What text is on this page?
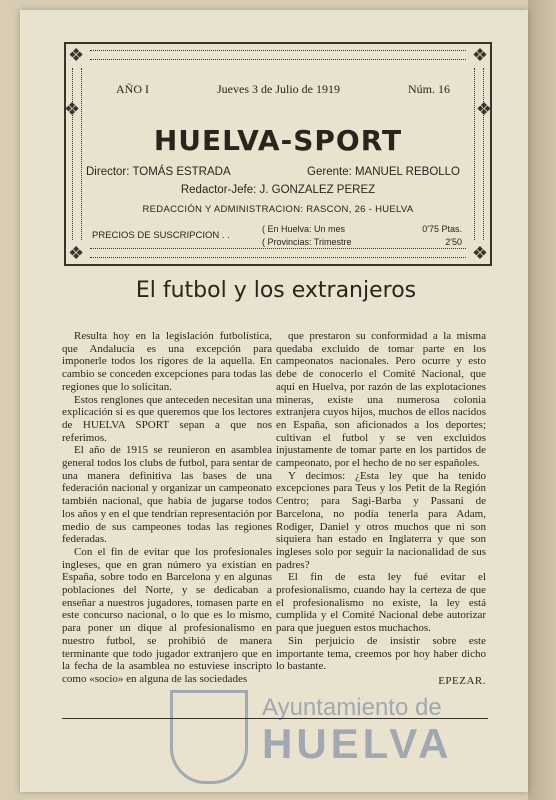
❖	❖
❖	❖
❖	❖
AÑO I	Jueves 3 de Julio de 1919	Núm. 16
HUELVA-SPORT
Director: TOMÁS ESTRADA	Gerente: MANUEL REBOLLO
Redactor-Jefe: J. GONZALEZ PEREZ
REDACCIÓN Y ADMINISTRACION: RASCON, 26 - HUELVA
PRECIOS DE SUSCRIPCION . .
( En Huelva: Un mes	0'75 Ptas.
( Provincias: Trimestre	2'50
El futbol y los extranjeros

Resulta hoy en la legislación futbolística, que Andalucía es una excepción para imponerle todos los rigores de la aquella. En cambio se conceden excepciones para todas las regiones que lo solicitan.

Estos renglones que anteceden necesitan una explicación si es que queremos que los lectores de HUELVA SPORT sepan a que nos referimos.

El año de 1915 se reunieron en asamblea general todos los clubs de futbol, para sentar de una manera definitiva las bases de una federación nacional y organizar un campeonato también nacional, que había de jugarse todos los años y en el que tendrían representación por medio de sus campeones todas las regiones federadas.

Con el fin de evitar que los profesionales ingleses, que en gran número ya existían en España, sobre todo en Barcelona y en algunas poblaciones del Norte, y se dedicaban a enseñar a nuestros jugadores, tomasen parte en este concurso nacional, o lo que es lo mismo, para poner un dique al profesionalismo en nuestro futbol, se prohibió de manera terminante que todo jugador extranjero que en la fecha de la asamblea no estuviese inscripto como «socio» en alguna de las sociedades

que prestaron su conformidad a la misma quedaba excluido de tomar parte en los campeonatos nacionales. Pero ocurre y esto debe de conocerlo el Comité Nacional, que aquí en Huelva, por razón de las explotaciones mineras, existe una numerosa colonia extranjera cuyos hijos, muchos de ellos nacidos en España, son aficionados a los deportes; cultivan el futbol y se ven excluidos injustamente de tomar parte en los partidos de campeonato, por el hecho de no ser españoles.

Y decimos: ¿Esta ley que ha tenido excepciones para Teus y los Petit de la Región Centro; para Sagi-Barba y Passani de Barcelona, no podía tenerla para Adam, Rodiger, Daniel y otros muchos que ni son siquiera han estado en Inglaterra y que son ingleses solo por seguir la nacionalidad de sus padres?

El fin de esta ley fué evitar el profesionalismo, cuando hay la certeza de que el profesionalismo no existe, la ley está cumplida y el Comité Nacional debe autorizar para que jueguen estos muchachos.

Sin perjuicio de insistir sobre este importante tema, creemos por hoy haber dicho lo bastante.

EPEZAR.
Ayuntamiento de
HUELVA
